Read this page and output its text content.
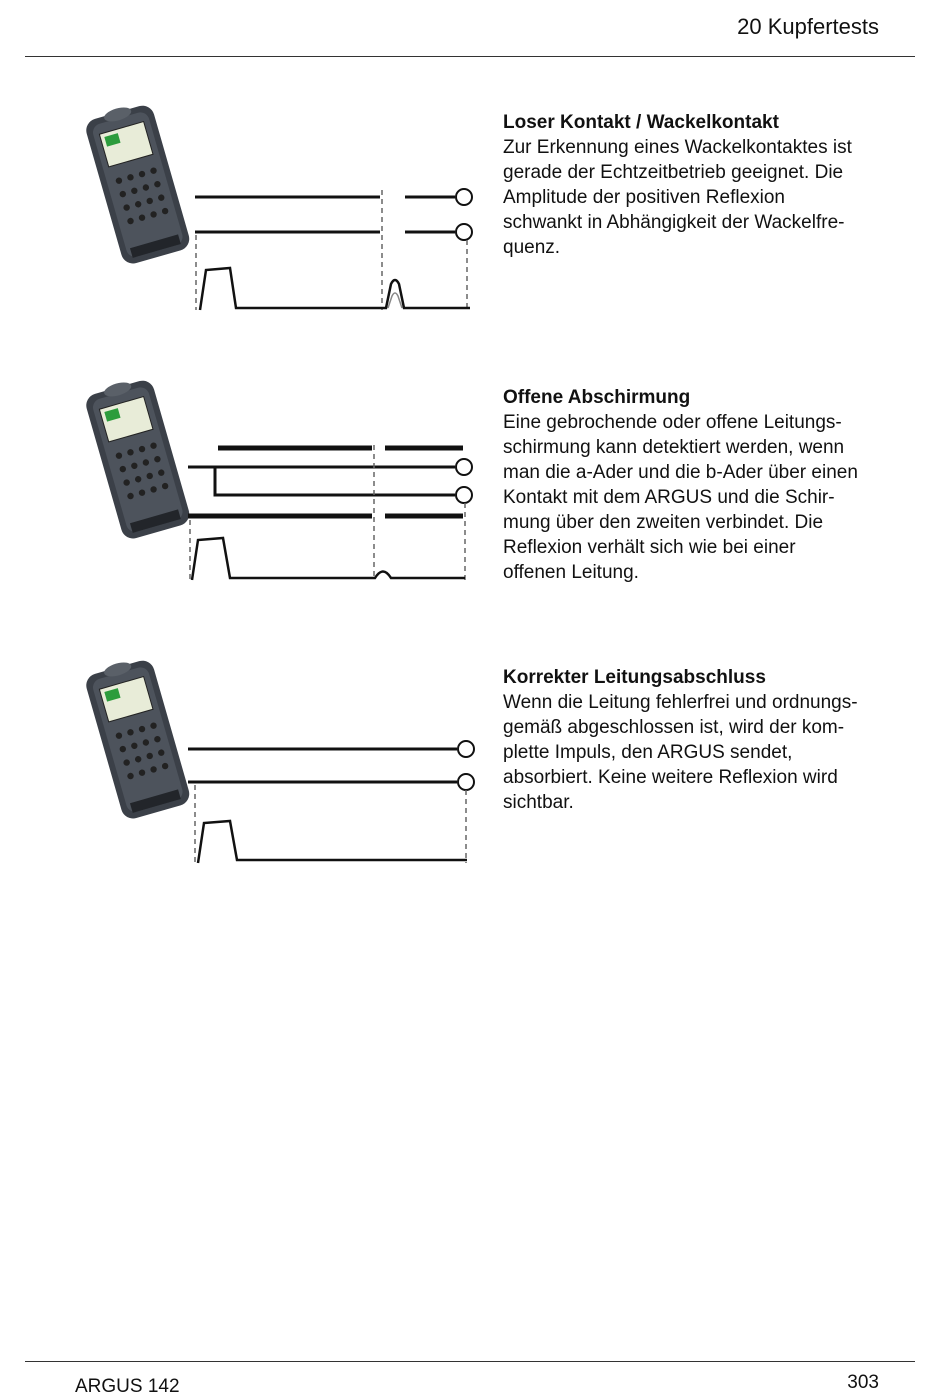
20 Kupfertests
Loser Kontakt / Wackelkontakt

Zur Erkennung eines Wackelkontaktes ist
gerade der Echtzeitbetrieb geeignet. Die
Amplitude der positiven Reflexion
schwankt in Abhängigkeit der Wackelfre-
quenz.

Offene Abschirmung

Eine gebrochende oder offene Leitungs-
schirmung kann detektiert werden, wenn
man die a-Ader und die b-Ader über einen
Kontakt mit dem ARGUS und die Schir-
mung über den zweiten verbindet. Die
Reflexion verhält sich wie bei einer
offenen Leitung.

Korrekter Leitungsabschluss

Wenn die Leitung fehlerfrei und ordnungs-
gemäß abgeschlossen ist, wird der kom-
plette Impuls, den ARGUS sendet,
absorbiert. Keine weitere Reflexion wird
sichtbar.

ARGUS 142	303
